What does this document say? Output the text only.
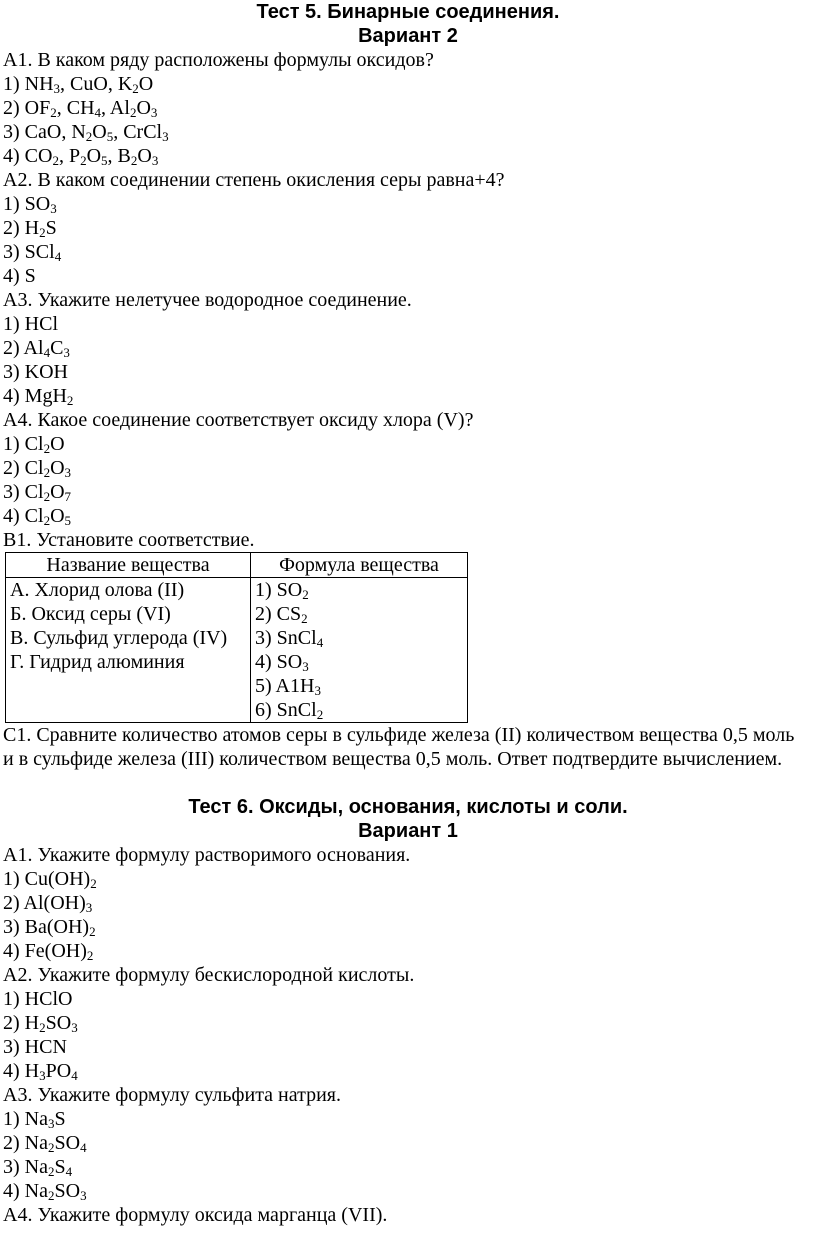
Тест 5. Бинарные соединения.

Вариант 2

А1. В каком ряду расположены формулы оксидов?

1) $NH_3$, CuO, $K_2O$

2) $OF_2$, $CH_4$, $Al_2O_3$

3) CaO, $N_2O_5$, CrCl$_3$

4) $CO_2$, $P_2O_5$, $B_2O_3$

А2. В каком соединении степень окисления серы равна+4?

1) $SO_3$

2) $H_2S$

3) SCl$_4$

4) S

А3. Укажите нелетучее водородное соединение.

1) HCl

2) $Al_4C_3$

3) KOH

4) MgH$_2$

А4. Какое соединение соответствует оксиду хлора (V)?

1) $Cl_2O$

2) $Cl_2O_3$

3) $Cl_2O_7$

4) $Cl_2O_5$

В1. Установите соответствие.

Название вещества	Формула вещества
А. Хлорид олова (II)	1) $SO_2$
Б. Оксид серы (VI)	2) $CS_2$
В. Сульфид углерода (IV)	3) SnCl$_4$
Г. Гидрид алюминия	4) $SO_3$
	5) $A1H_3$
	6) SnCl$_2$

С1. Сравните количество атомов серы в сульфиде железа (II) количеством вещества 0,5 моль и в сульфиде железа (III) количеством вещества 0,5 моль. Ответ подтвердите вычислением.

Тест 6. Оксиды, основания, кислоты и соли.

Вариант 1

А1. Укажите формулу растворимого основания.

1) $Cu(OH)_2$

2) $Al(OH)_3$

3) $Ba(OH)_2$

4) $Fe(OH)_2$

А2. Укажите формулу бескислородной кислоты.

1) HClO

2) $H_2SO_3$

3) HCN

4) $H_3PO_4$

А3. Укажите формулу сульфита натрия.

1) $Na_3S$

2) $Na_2SO_4$

3) $Na_2S_4$

4) $Na_2SO_3$

А4. Укажите формулу оксида марганца (VII).
